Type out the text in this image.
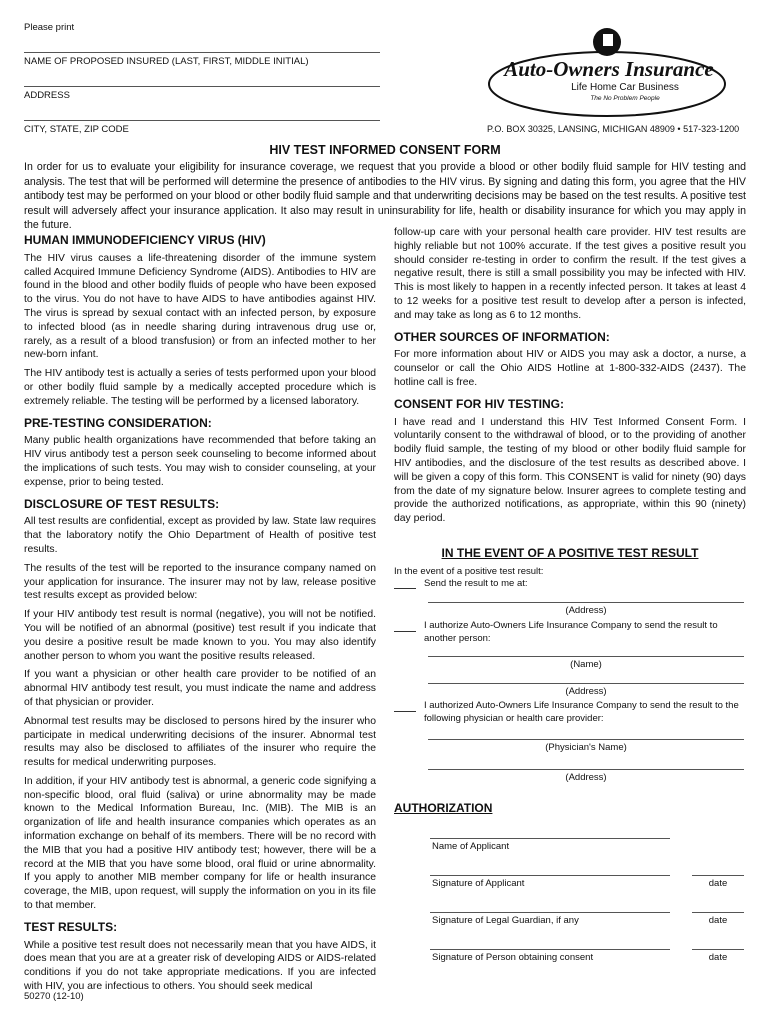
Please print
NAME OF PROPOSED INSURED (LAST, FIRST, MIDDLE INITIAL)
ADDRESS
CITY, STATE, ZIP CODE
Auto-Owners Insurance
Life Home Car Business
The No Problem People
P.O. BOX 30325, LANSING, MICHIGAN 48909 • 517-323-1200
HIV TEST INFORMED CONSENT FORM
In order for us to evaluate your eligibility for insurance coverage, we request that you provide a blood or other bodily fluid sample for HIV testing and analysis. The test that will be performed will determine the presence of antibodies to the HIV virus. By signing and dating this form, you agree that the HIV antibody test may be performed on your blood or other bodily fluid sample and that underwriting decisions may be based on the test results. A positive test result will adversely affect your insurance application. It also may result in uninsurability for life, health or disability insurance for which you may apply in the future.
HUMAN IMMUNODEFICIENCY VIRUS (HIV)

The HIV virus causes a life-threatening disorder of the immune system called Acquired Immune Deficiency Syndrome (AIDS). Antibodies to HIV are found in the blood and other bodily fluids of people who have been exposed to the virus. You do not have to have AIDS to have antibodies against HIV. The virus is spread by sexual contact with an infected person, by exposure to infected blood (as in needle sharing during intravenous drug use or, rarely, as a result of a blood transfusion) or from an infected mother to her new-born infant.

The HIV antibody test is actually a series of tests performed upon your blood or other bodily fluid sample by a medically accepted procedure which is extremely reliable. The testing will be performed by a licensed laboratory.

PRE-TESTING CONSIDERATION:

Many public health organizations have recommended that before taking an HIV virus antibody test a person seek counseling to become informed about the implications of such tests. You may wish to consider counseling, at your expense, prior to being tested.

DISCLOSURE OF TEST RESULTS:

All test results are confidential, except as provided by law. State law requires that the laboratory notify the Ohio Department of Health of positive test results.

The results of the test will be reported to the insurance company named on your application for insurance. The insurer may not by law, release positive test results except as provided below:

If your HIV antibody test result is normal (negative), you will not be notified. You will be notified of an abnormal (positive) test result if you indicate that you desire a positive result be made known to you. You may also identify another person to whom you want the positive results released.

If you want a physician or other health care provider to be notified of an abnormal HIV antibody test result, you must indicate the name and address of that physician or provider.

Abnormal test results may be disclosed to persons hired by the insurer who participate in medical underwriting decisions of the insurer. Abnormal test results may also be disclosed to affiliates of the insurer who require the results for medical underwriting purposes.

In addition, if your HIV antibody test is abnormal, a generic code signifying a non-specific blood, oral fluid (saliva) or urine abnormality may be made known to the Medical Information Bureau, Inc. (MIB). The MIB is an organization of life and health insurance companies which operates as an information exchange on behalf of its members. There will be no record with the MIB that you had a positive HIV antibody test; however, there will be a record at the MIB that you have some blood, oral fluid or urine abnormality. If you apply to another MIB member company for life or health insurance coverage, the MIB, upon request, will supply the information on you in its file to that member.

TEST RESULTS:

While a positive test result does not necessarily mean that you have AIDS, it does mean that you are at a greater risk of developing AIDS or AIDS-related conditions if you do not take appropriate medications. If you are infected with HIV, you are infectious to others. You should seek medical

follow-up care with your personal health care provider. HIV test results are highly reliable but not 100% accurate. If the test gives a positive result you should consider re-testing in order to confirm the result. If the test gives a negative result, there is still a small possibility you may be infected with HIV. This is most likely to happen in a recently infected person. It takes at least 4 to 12 weeks for a positive test result to develop after a person is infected, and may take as long as 6 to 12 months.

OTHER SOURCES OF INFORMATION:

For more information about HIV or AIDS you may ask a doctor, a nurse, a counselor or call the Ohio AIDS Hotline at 1-800-332-AIDS (2437). The hotline call is free.

CONSENT FOR HIV TESTING:

I have read and I understand this HIV Test Informed Consent Form. I voluntarily consent to the withdrawal of blood, or to the providing of another bodily fluid sample, the testing of my blood or other bodily fluid sample for HIV antibodies, and the disclosure of the test results as described above. I will be given a copy of this form. This CONSENT is valid for ninety (90) days from the date of my signature below. Insurer agrees to complete testing and provide the authorized notifications, as appropriate, within this 90 (ninety) day period.

IN THE EVENT OF A POSITIVE TEST RESULT
In the event of a positive test result:
Send the result to me at:
(Address)
I authorize Auto-Owners Life Insurance Company to send the result to another person:
(Name)
(Address)
I authorized Auto-Owners Life Insurance Company to send the result to the following physician or health care provider:
(Physician's Name)
(Address)
AUTHORIZATION
Name of Applicant
Signature of Applicant	date
Signature of Legal Guardian, if any	date
Signature of Person obtaining consent	date
50270 (12-10)
